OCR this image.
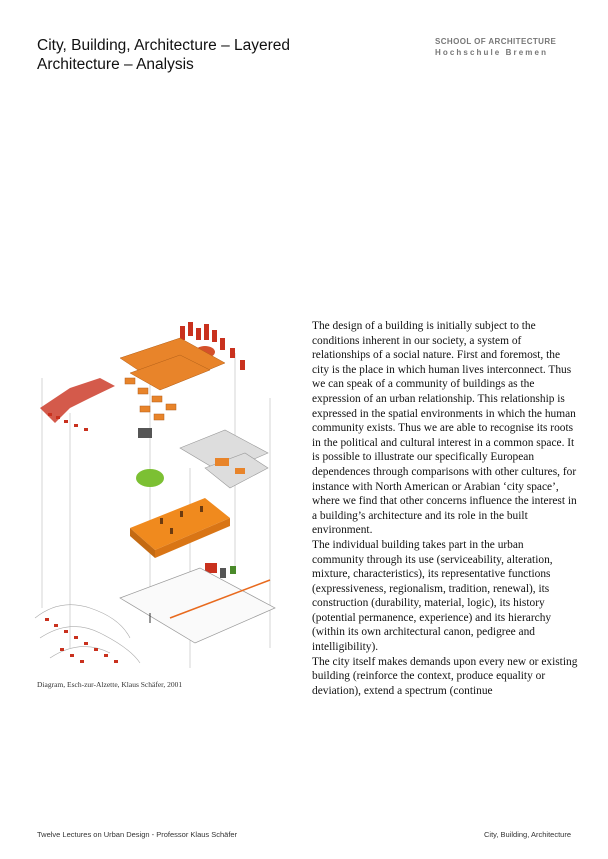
City, Building, Architecture – Layered Architecture – Analysis
SCHOOL OF ARCHITECTURE
Hochschule Bremen
Diagram, Esch-zur-Alzette, Klaus Schäfer, 2001

The design of a building is initially subject to the conditions inherent in our society, a system of relationships of a social nature. First and foremost, the city is the place in which human lives interconnect. Thus we can speak of a community of buildings as the expression of an urban relationship. This relationship is expressed in the spatial environments in which the human community exists. Thus we are able to recognise its roots in the political and cultural interest in a common space. It is possible to illustrate our specifically European dependences through comparisons with other cultures, for instance with North American or Arabian ‘city space’, where we find that other concerns influence the interest in a building’s architecture and its role in the built environment.

The individual building takes part in the urban community through its use (serviceability, alteration, mixture, characteristics), its representative functions (expressiveness, regionalism, tradition, renewal), its construction (durability, material, logic), its history (potential permanence, experience) and its hierarchy (within its own architectural canon, pedigree and intelligibility).

The city itself makes demands upon every new or existing building (reinforce the context, produce equality or deviation), extend a spectrum (continue

Twelve Lectures on Urban Design - Professor Klaus Schäfer	City, Building, Architecture
